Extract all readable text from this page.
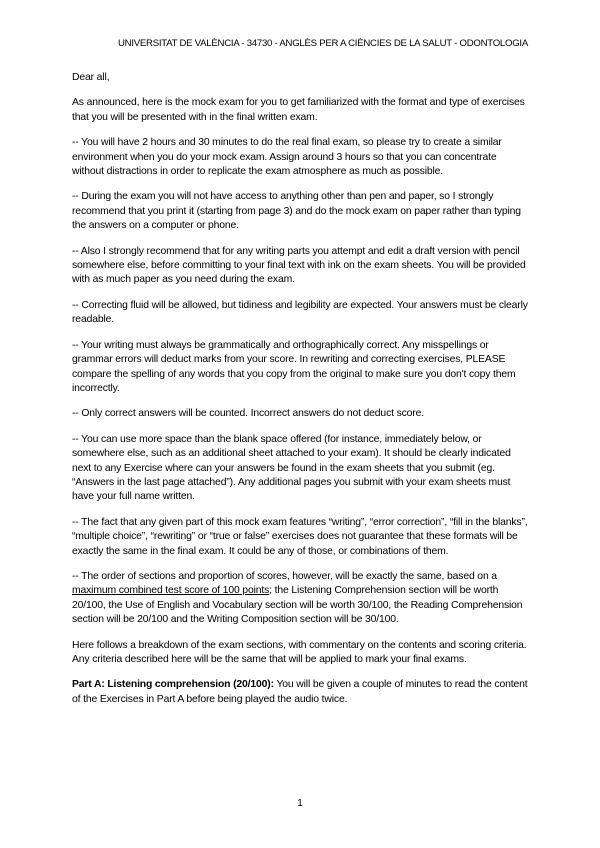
UNIVERSITAT DE VALÈNCIA - 34730 - ANGLÈS PER A CIÈNCIES DE LA SALUT - ODONTOLOGIA

Dear all,

As announced, here is the mock exam for you to get familiarized with the format and type of exercises that you will be presented with in the final written exam.

-- You will have 2 hours and 30 minutes to do the real final exam, so please try to create a similar environment when you do your mock exam. Assign around 3 hours so that you can concentrate without distractions in order to replicate the exam atmosphere as much as possible.

-- During the exam you will not have access to anything other than pen and paper, so I strongly recommend that you print it (starting from page 3) and do the mock exam on paper rather than typing the answers on a computer or phone.

-- Also I strongly recommend that for any writing parts you attempt and edit a draft version with pencil somewhere else, before committing to your final text with ink on the exam sheets. You will be provided with as much paper as you need during the exam.

-- Correcting fluid will be allowed, but tidiness and legibility are expected. Your answers must be clearly readable.

-- Your writing must always be grammatically and orthographically correct. Any misspellings or grammar errors will deduct marks from your score. In rewriting and correcting exercises, PLEASE compare the spelling of any words that you copy from the original to make sure you don't copy them incorrectly.

-- Only correct answers will be counted. Incorrect answers do not deduct score.

-- You can use more space than the blank space offered (for instance, immediately below, or somewhere else, such as an additional sheet attached to your exam). It should be clearly indicated next to any Exercise where can your answers be found in the exam sheets that you submit (eg. “Answers in the last page attached”). Any additional pages you submit with your exam sheets must have your full name written.

-- The fact that any given part of this mock exam features “writing”, “error correction”, “fill in the blanks”, “multiple choice”, “rewriting” or “true or false” exercises does not guarantee that these formats will be exactly the same in the final exam. It could be any of those, or combinations of them.

-- The order of sections and proportion of scores, however, will be exactly the same, based on a maximum combined test score of 100 points; the Listening Comprehension section will be worth 20/100, the Use of English and Vocabulary section will be worth 30/100, the Reading Comprehension section will be 20/100 and the Writing Composition section will be 30/100.

Here follows a breakdown of the exam sections, with commentary on the contents and scoring criteria. Any criteria described here will be the same that will be applied to mark your final exams.

Part A: Listening comprehension (20/100): You will be given a couple of minutes to read the content of the Exercises in Part A before being played the audio twice.

1
